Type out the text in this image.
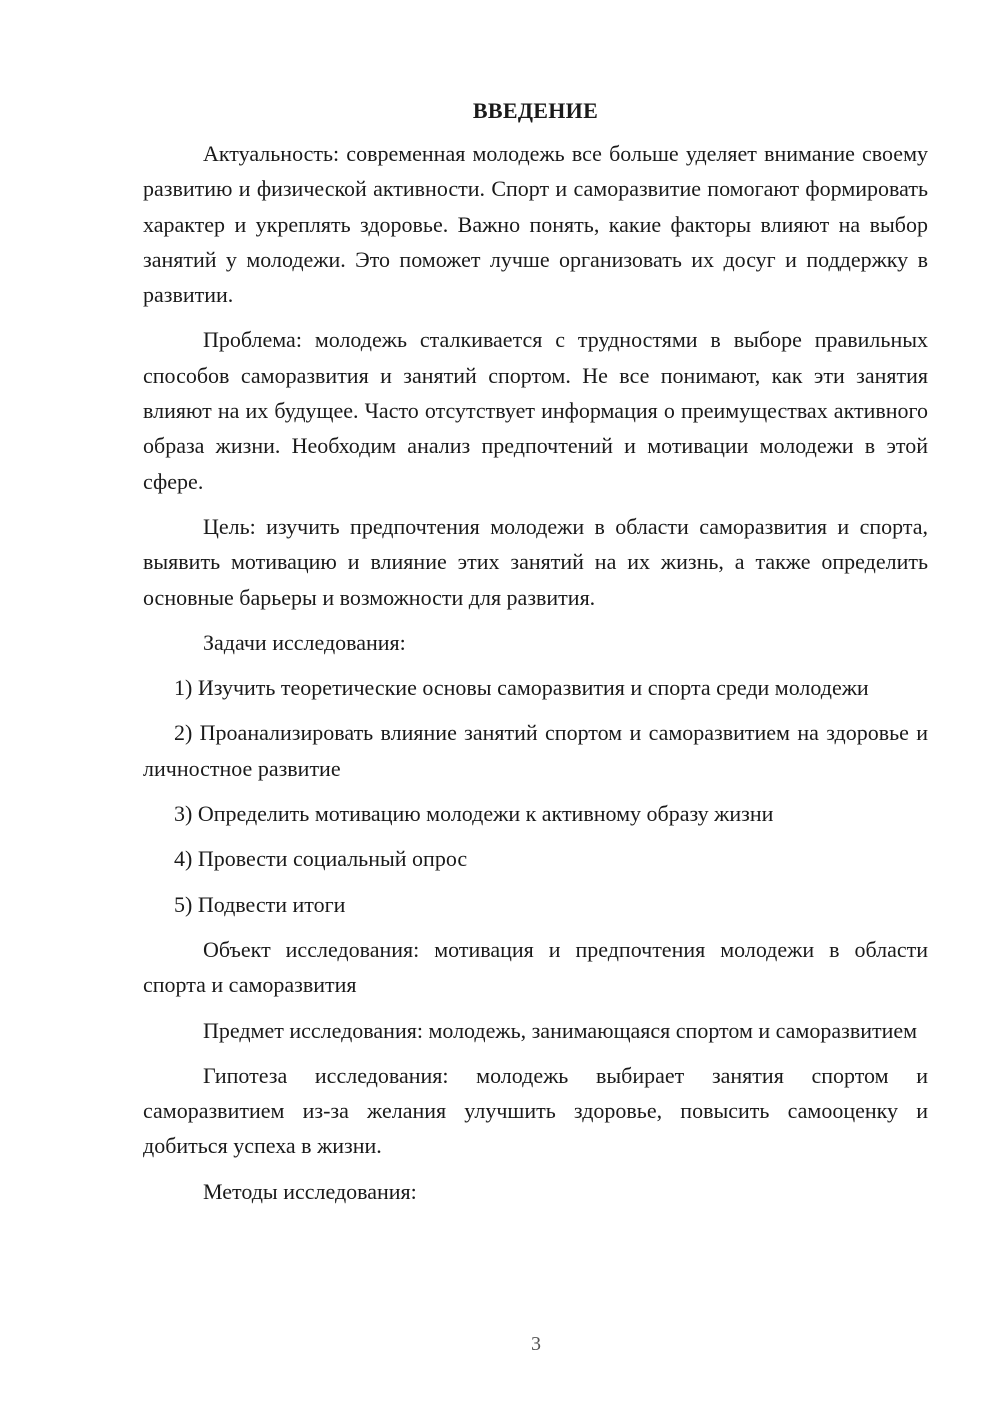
ВВЕДЕНИЕ

Актуальность: современная молодежь все больше уделяет внимание своему развитию и физической активности. Спорт и саморазвитие помогают формировать характер и укреплять здоровье. Важно понять, какие факторы влияют на выбор занятий у молодежи. Это поможет лучше организовать их досуг и поддержку в развитии.

Проблема: молодежь сталкивается с трудностями в выборе правильных способов саморазвития и занятий спортом. Не все понимают, как эти занятия влияют на их будущее. Часто отсутствует информация о преимуществах активного образа жизни. Необходим анализ предпочтений и мотивации молодежи в этой сфере.

Цель: изучить предпочтения молодежи в области саморазвития и спорта, выявить мотивацию и влияние этих занятий на их жизнь, а также определить основные барьеры и возможности для развития.

Задачи исследования:

1) Изучить теоретические основы саморазвития и спорта среди молодежи

2) Проанализировать влияние занятий спортом и саморазвитием на здоровье и личностное развитие

3) Определить мотивацию молодежи к активному образу жизни

4) Провести социальный опрос

5) Подвести итоги

Объект исследования: мотивация и предпочтения молодежи в области спорта и саморазвития

Предмет исследования: молодежь, занимающаяся спортом и саморазвитием

Гипотеза исследования: молодежь выбирает занятия спортом и саморазвитием из-за желания улучшить здоровье, повысить самооценку и добиться успеха в жизни.

Методы исследования:

3
